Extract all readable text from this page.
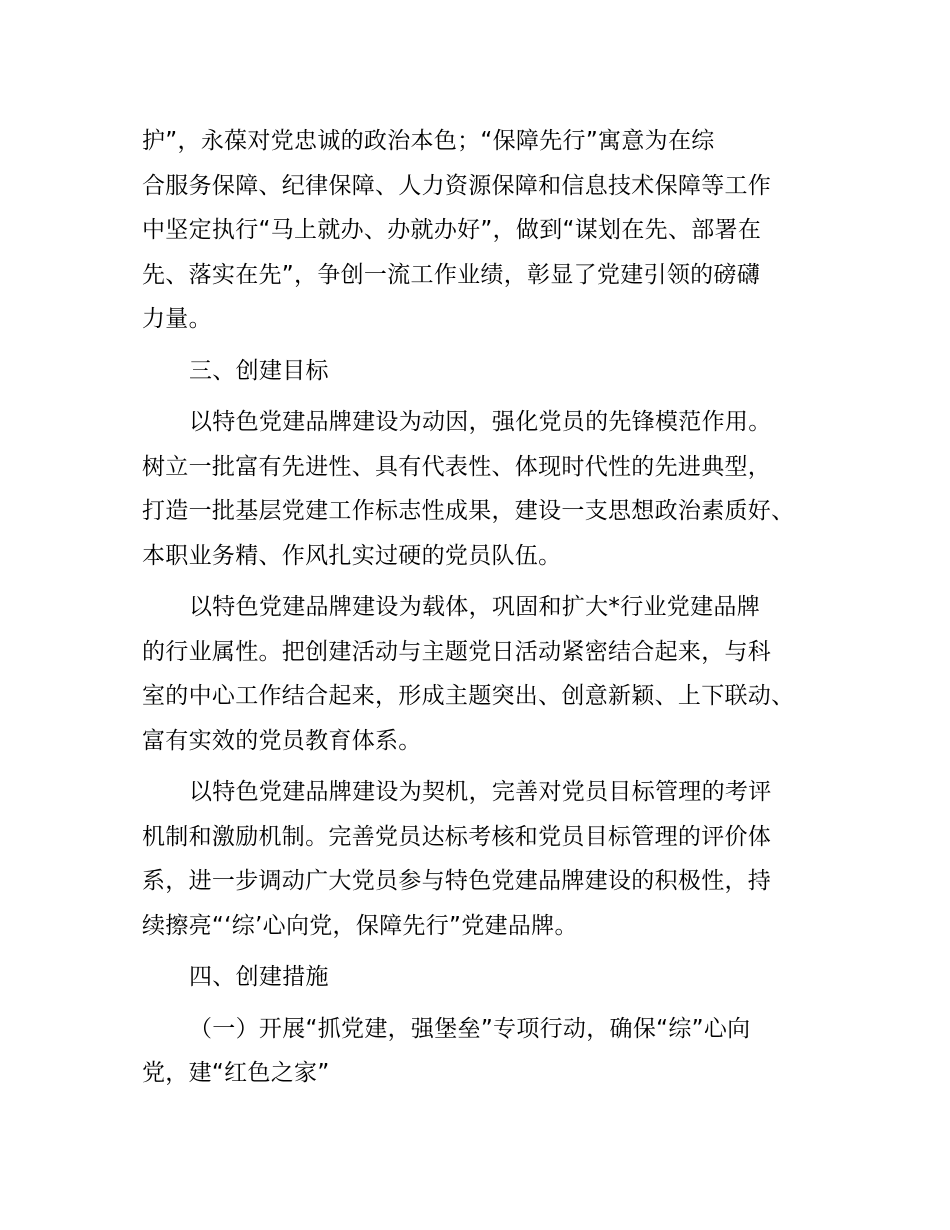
护”，永葆对党忠诚的政治本色；“保障先行”寓意为在综
合服务保障、纪律保障、人力资源保障和信息技术保障等工作
中坚定执行“马上就办、办就办好”，做到“谋划在先、部署在
先、落实在先”，争创一流工作业绩，彰显了党建引领的磅礴
力量。
三、创建目标
以特色党建品牌建设为动因，强化党员的先锋模范作用。
树立一批富有先进性、具有代表性、体现时代性的先进典型，
打造一批基层党建工作标志性成果，建设一支思想政治素质好、
本职业务精、作风扎实过硬的党员队伍。
以特色党建品牌建设为载体，巩固和扩大*行业党建品牌
的行业属性。把创建活动与主题党日活动紧密结合起来，与科
室的中心工作结合起来，形成主题突出、创意新颖、上下联动、
富有实效的党员教育体系。
以特色党建品牌建设为契机，完善对党员目标管理的考评
机制和激励机制。完善党员达标考核和党员目标管理的评价体
系，进一步调动广大党员参与特色党建品牌建设的积极性，持
续擦亮“‘综’心向党，保障先行”党建品牌。
四、创建措施
（一）开展“抓党建，强堡垒”专项行动，确保“综”心向
党，建“红色之家”
